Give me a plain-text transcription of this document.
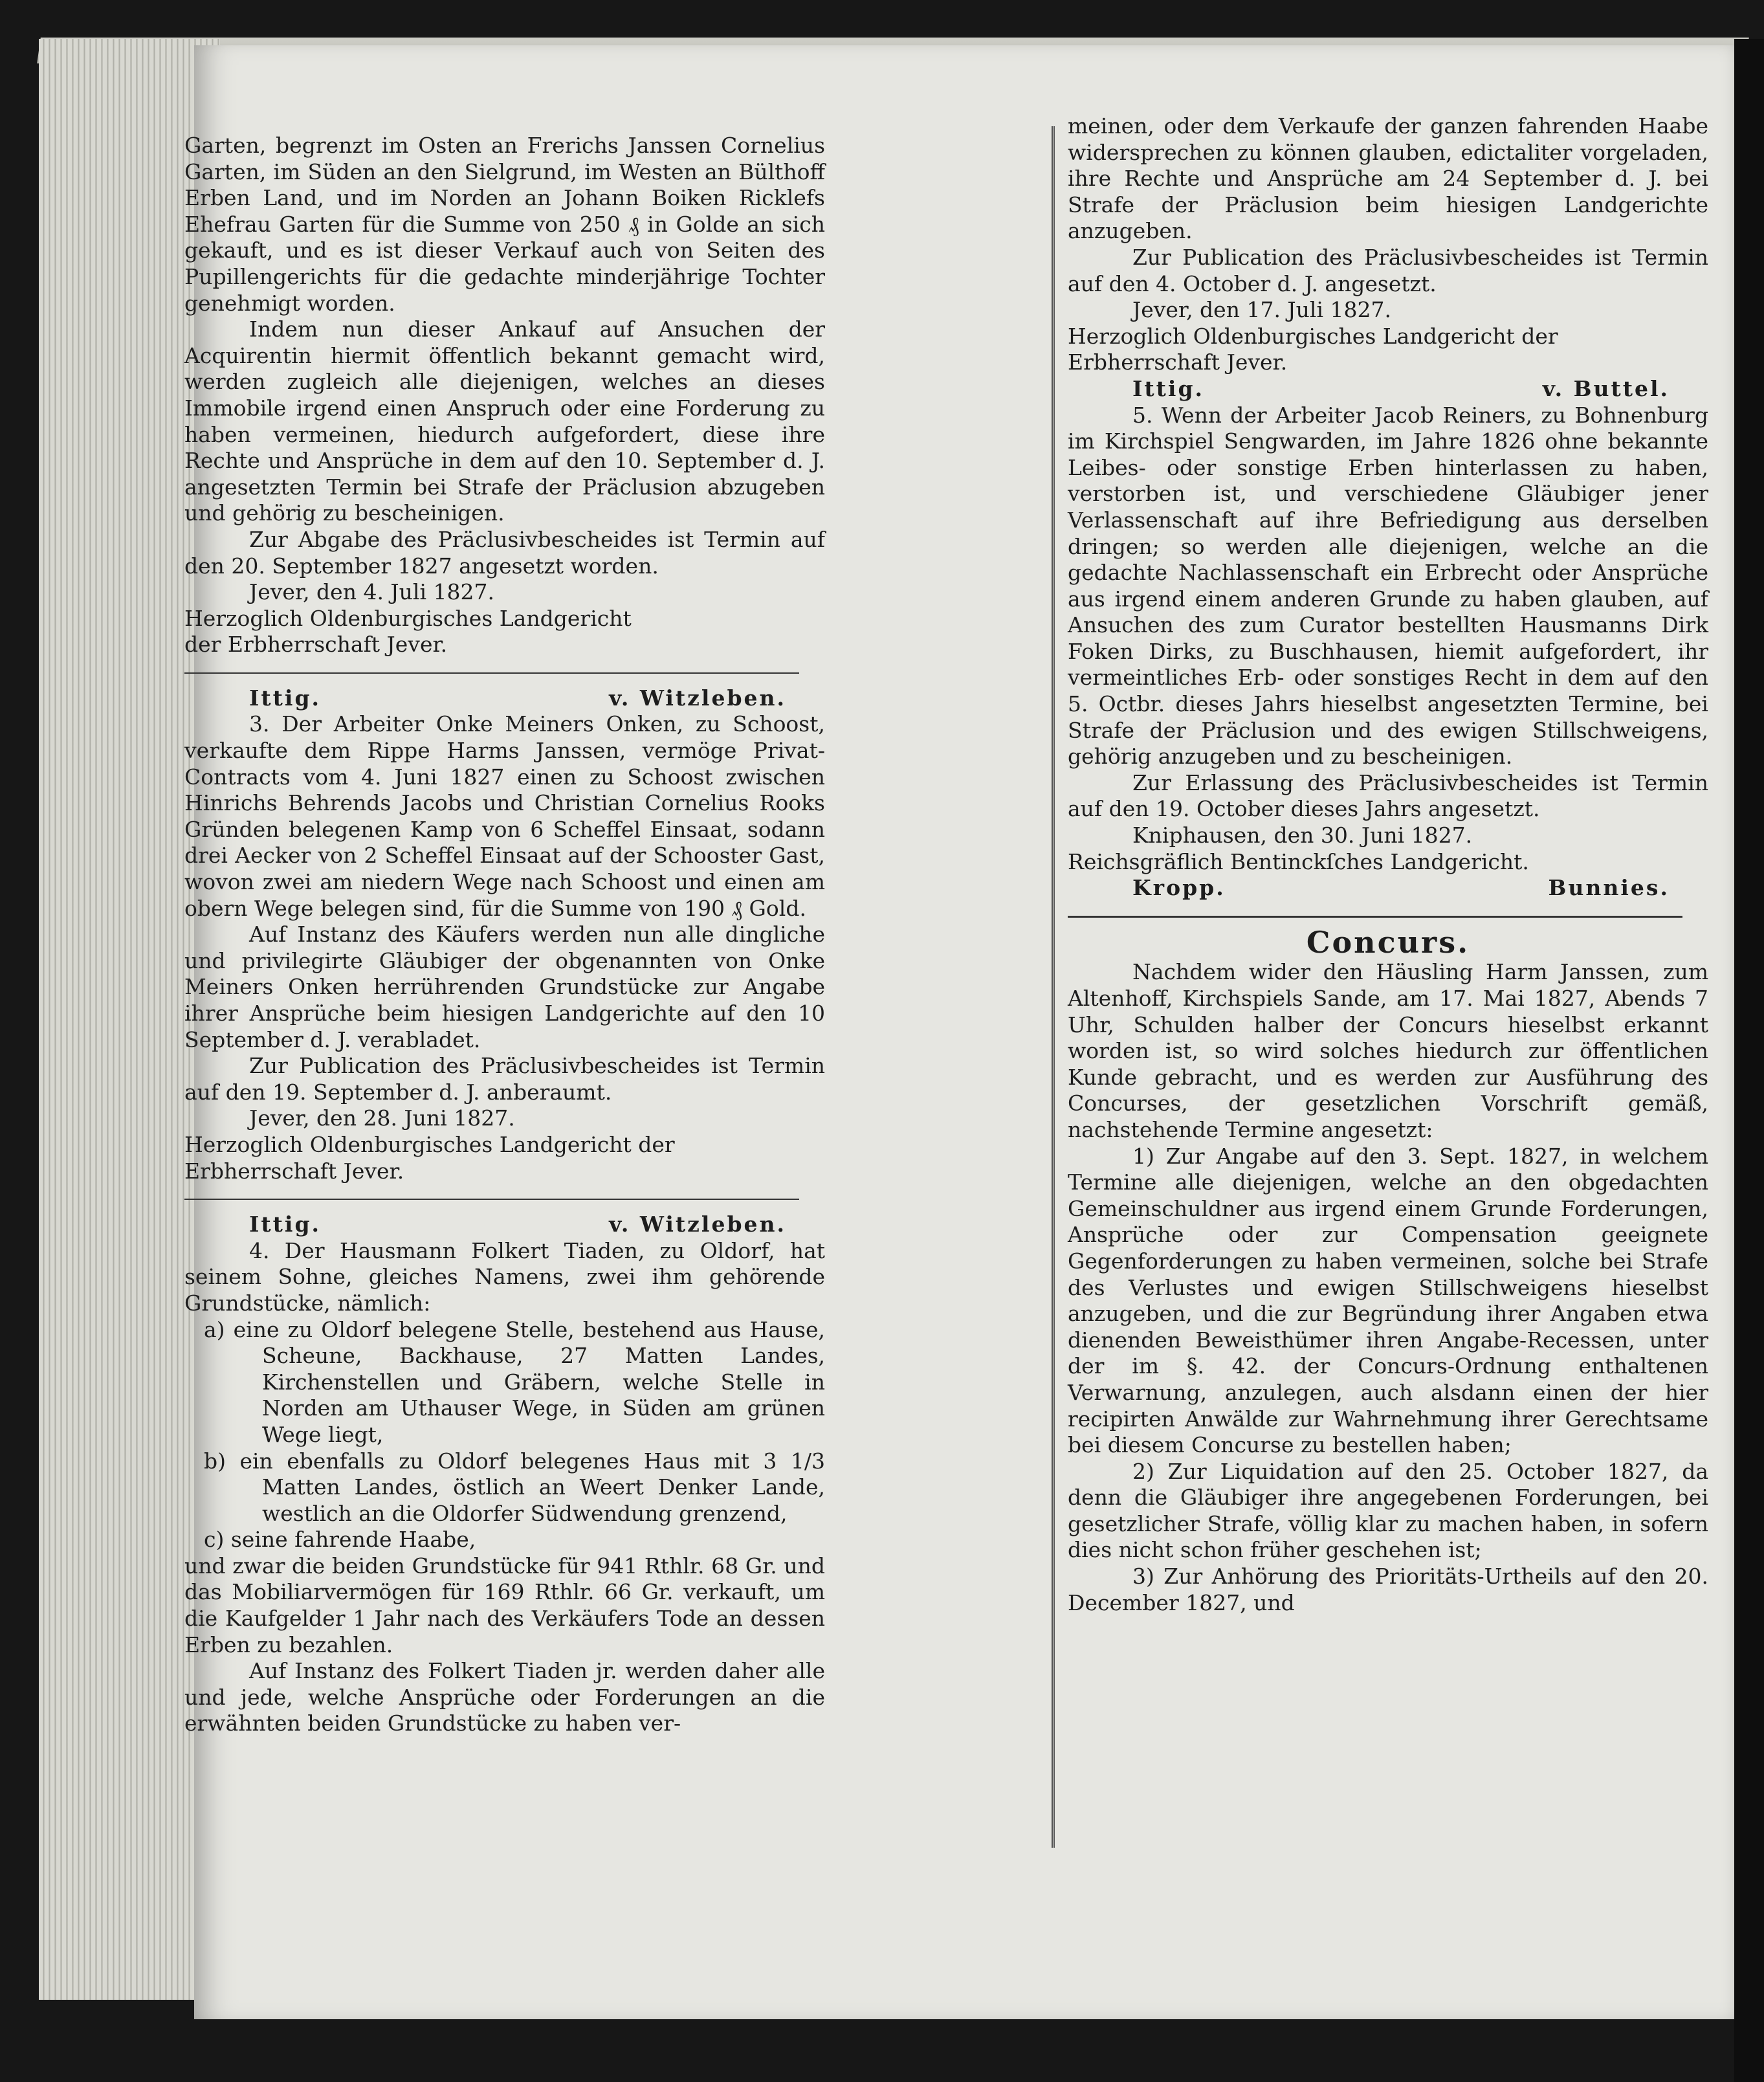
Garten, begrenzt im Osten an Frerichs Janssen Cornelius Garten, im Süden an den Sielgrund, im Westen an Bülthoff Erben Land, und im Norden an Johann Boiken Ricklefs Ehefrau Garten für die Summe von 250 ₰ in Golde an sich gekauft, und es ist dieser Verkauf auch von Seiten des Pupillengerichts für die gedachte minderjährige Tochter genehmigt worden.

Indem nun dieser Ankauf auf Ansuchen der Acquirentin hiermit öffentlich bekannt gemacht wird, werden zugleich alle diejenigen, welches an dieses Immobile irgend einen Anspruch oder eine Forderung zu haben vermeinen, hiedurch aufgefordert, diese ihre Rechte und Ansprüche in dem auf den 10. September d. J. angesetzten Termin bei Strafe der Präclusion abzugeben und gehörig zu bescheinigen.

Zur Abgabe des Präclusivbescheides ist Termin auf den 20. September 1827 angesetzt worden.

Jever, den 4. Juli 1827.

Herzoglich Oldenburgisches Landgericht

der Erbherrschaft Jever.

Ittig.	v. Witzleben.

3. Der Arbeiter Onke Meiners Onken, zu Schoost, verkaufte dem Rippe Harms Janssen, vermöge Privat-Contracts vom 4. Juni 1827 einen zu Schoost zwischen Hinrichs Behrends Jacobs und Christian Cornelius Rooks Gründen belegenen Kamp von 6 Scheffel Einsaat, sodann drei Aecker von 2 Scheffel Einsaat auf der Schooster Gast, wovon zwei am niedern Wege nach Schoost und einen am obern Wege belegen sind, für die Summe von 190 ₰ Gold.

Auf Instanz des Käufers werden nun alle dingliche und privilegirte Gläubiger der obgenannten von Onke Meiners Onken herrührenden Grundstücke zur Angabe ihrer Ansprüche beim hiesigen Landgerichte auf den 10 September d. J. verabladet.

Zur Publication des Präclusivbescheides ist Termin auf den 19. September d. J. anberaumt.

Jever, den 28. Juni 1827.

Herzoglich Oldenburgisches Landgericht der

Erbherrschaft Jever.

Ittig.	v. Witzleben.

4. Der Hausmann Folkert Tiaden, zu Oldorf, hat seinem Sohne, gleiches Namens, zwei ihm gehörende Grundstücke, nämlich:

a) eine zu Oldorf belegene Stelle, bestehend aus Hause, Scheune, Backhause, 27 Matten Landes, Kirchenstellen und Gräbern, welche Stelle in Norden am Uthauser Wege, in Süden am grünen Wege liegt,

b) ein ebenfalls zu Oldorf belegenes Haus mit 3 1/3 Matten Landes, östlich an Weert Denker Lande, westlich an die Oldorfer Südwendung grenzend,

c) seine fahrende Haabe,

und zwar die beiden Grundstücke für 941 Rthlr. 68 Gr. und das Mobiliarvermögen für 169 Rthlr. 66 Gr. verkauft, um die Kaufgelder 1 Jahr nach des Verkäufers Tode an dessen Erben zu bezahlen.

Auf Instanz des Folkert Tiaden jr. werden daher alle und jede, welche Ansprüche oder Forderungen an die erwähnten beiden Grundstücke zu haben ver-

meinen, oder dem Verkaufe der ganzen fahrenden Haabe widersprechen zu können glauben, edictaliter vorgeladen, ihre Rechte und Ansprüche am 24 September d. J. bei Strafe der Präclusion beim hiesigen Landgerichte anzugeben.

Zur Publication des Präclusivbescheides ist Termin auf den 4. October d. J. angesetzt.

Jever, den 17. Juli 1827.

Herzoglich Oldenburgisches Landgericht der

Erbherrschaft Jever.

Ittig.	v. Buttel.

5. Wenn der Arbeiter Jacob Reiners, zu Bohnenburg im Kirchspiel Sengwarden, im Jahre 1826 ohne bekannte Leibes- oder sonstige Erben hinterlassen zu haben, verstorben ist, und verschiedene Gläubiger jener Verlassenschaft auf ihre Befriedigung aus derselben dringen; so werden alle diejenigen, welche an die gedachte Nachlassenschaft ein Erbrecht oder Ansprüche aus irgend einem anderen Grunde zu haben glauben, auf Ansuchen des zum Curator bestellten Hausmanns Dirk Foken Dirks, zu Buschhausen, hiemit aufgefordert, ihr vermeintliches Erb- oder sonstiges Recht in dem auf den 5. Octbr. dieses Jahrs hieselbst angesetzten Termine, bei Strafe der Präclusion und des ewigen Stillschweigens, gehörig anzugeben und zu bescheinigen.

Zur Erlassung des Präclusivbescheides ist Termin auf den 19. October dieses Jahrs angesetzt.

Kniphausen, den 30. Juni 1827.

Reichsgräflich Bentinckſches Landgericht.

Kropp.	Bunnies.
Concurs.

Nachdem wider den Häusling Harm Janssen, zum Altenhoff, Kirchspiels Sande, am 17. Mai 1827, Abends 7 Uhr, Schulden halber der Concurs hieselbst erkannt worden ist, so wird solches hiedurch zur öffentlichen Kunde gebracht, und es werden zur Ausführung des Concurses, der gesetzlichen Vorschrift gemäß, nachstehende Termine angesetzt:

1) Zur Angabe auf den 3. Sept. 1827, in welchem Termine alle diejenigen, welche an den obgedachten Gemeinschuldner aus irgend einem Grunde Forderungen, Ansprüche oder zur Compensation geeignete Gegenforderungen zu haben vermeinen, solche bei Strafe des Verlustes und ewigen Stillschweigens hieselbst anzugeben, und die zur Begründung ihrer Angaben etwa dienenden Beweisthümer ihren Angabe-Recessen, unter der im §. 42. der Concurs-Ordnung enthaltenen Verwarnung, anzulegen, auch alsdann einen der hier recipirten Anwälde zur Wahrnehmung ihrer Gerechtsame bei diesem Concurse zu bestellen haben;

2) Zur Liquidation auf den 25. October 1827, da denn die Gläubiger ihre angegebenen Forderungen, bei gesetzlicher Strafe, völlig klar zu machen haben, in sofern dies nicht schon früher geschehen ist;

3) Zur Anhörung des Prioritäts-Urtheils auf den 20. December 1827, und
